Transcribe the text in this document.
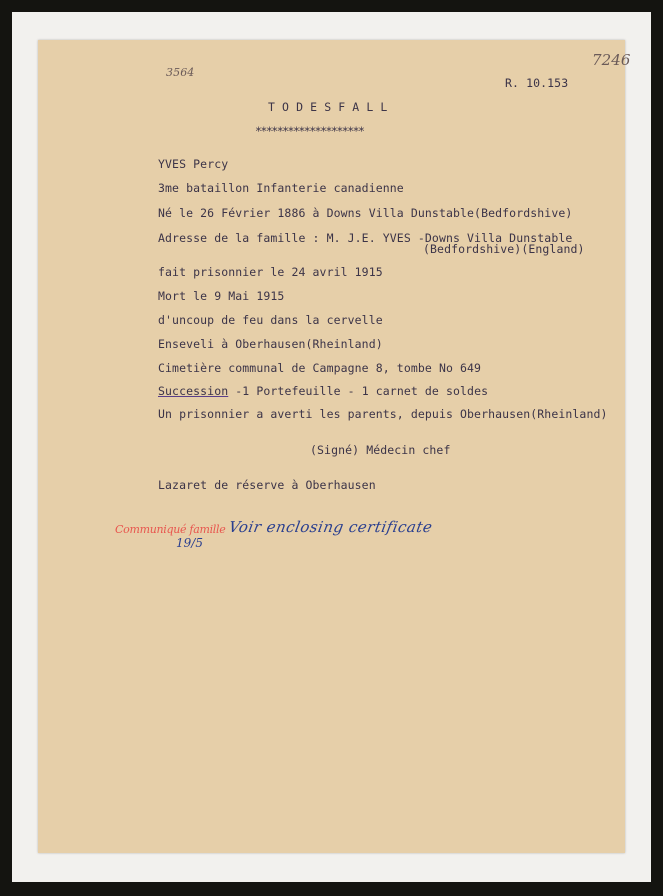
3564
7246
R. 10.153
T O D E S F A L L
********************
YVES Percy
3me bataillon Infanterie canadienne
Né le 26 Février 1886 à Downs Villa Dunstable(Bedfordshive)
Adresse de la famille : M. J.E. YVES -Downs Villa Dunstable
(Bedfordshive)(England)
fait prisonnier le 24 avril 1915
Mort le 9 Mai 1915
d'uncoup de feu dans la cervelle
Enseveli à Oberhausen(Rheinland)
Cimetière communal de Campagne 8, tombe No 649
Succession -1 Portefeuille - 1 carnet de soldes
Un prisonnier a averti les parents, depuis Oberhausen(Rheinland)
(Signé) Médecin chef
Lazaret de réserve à Oberhausen
Communiqué famille
19/5
Voir enclosing certificate
